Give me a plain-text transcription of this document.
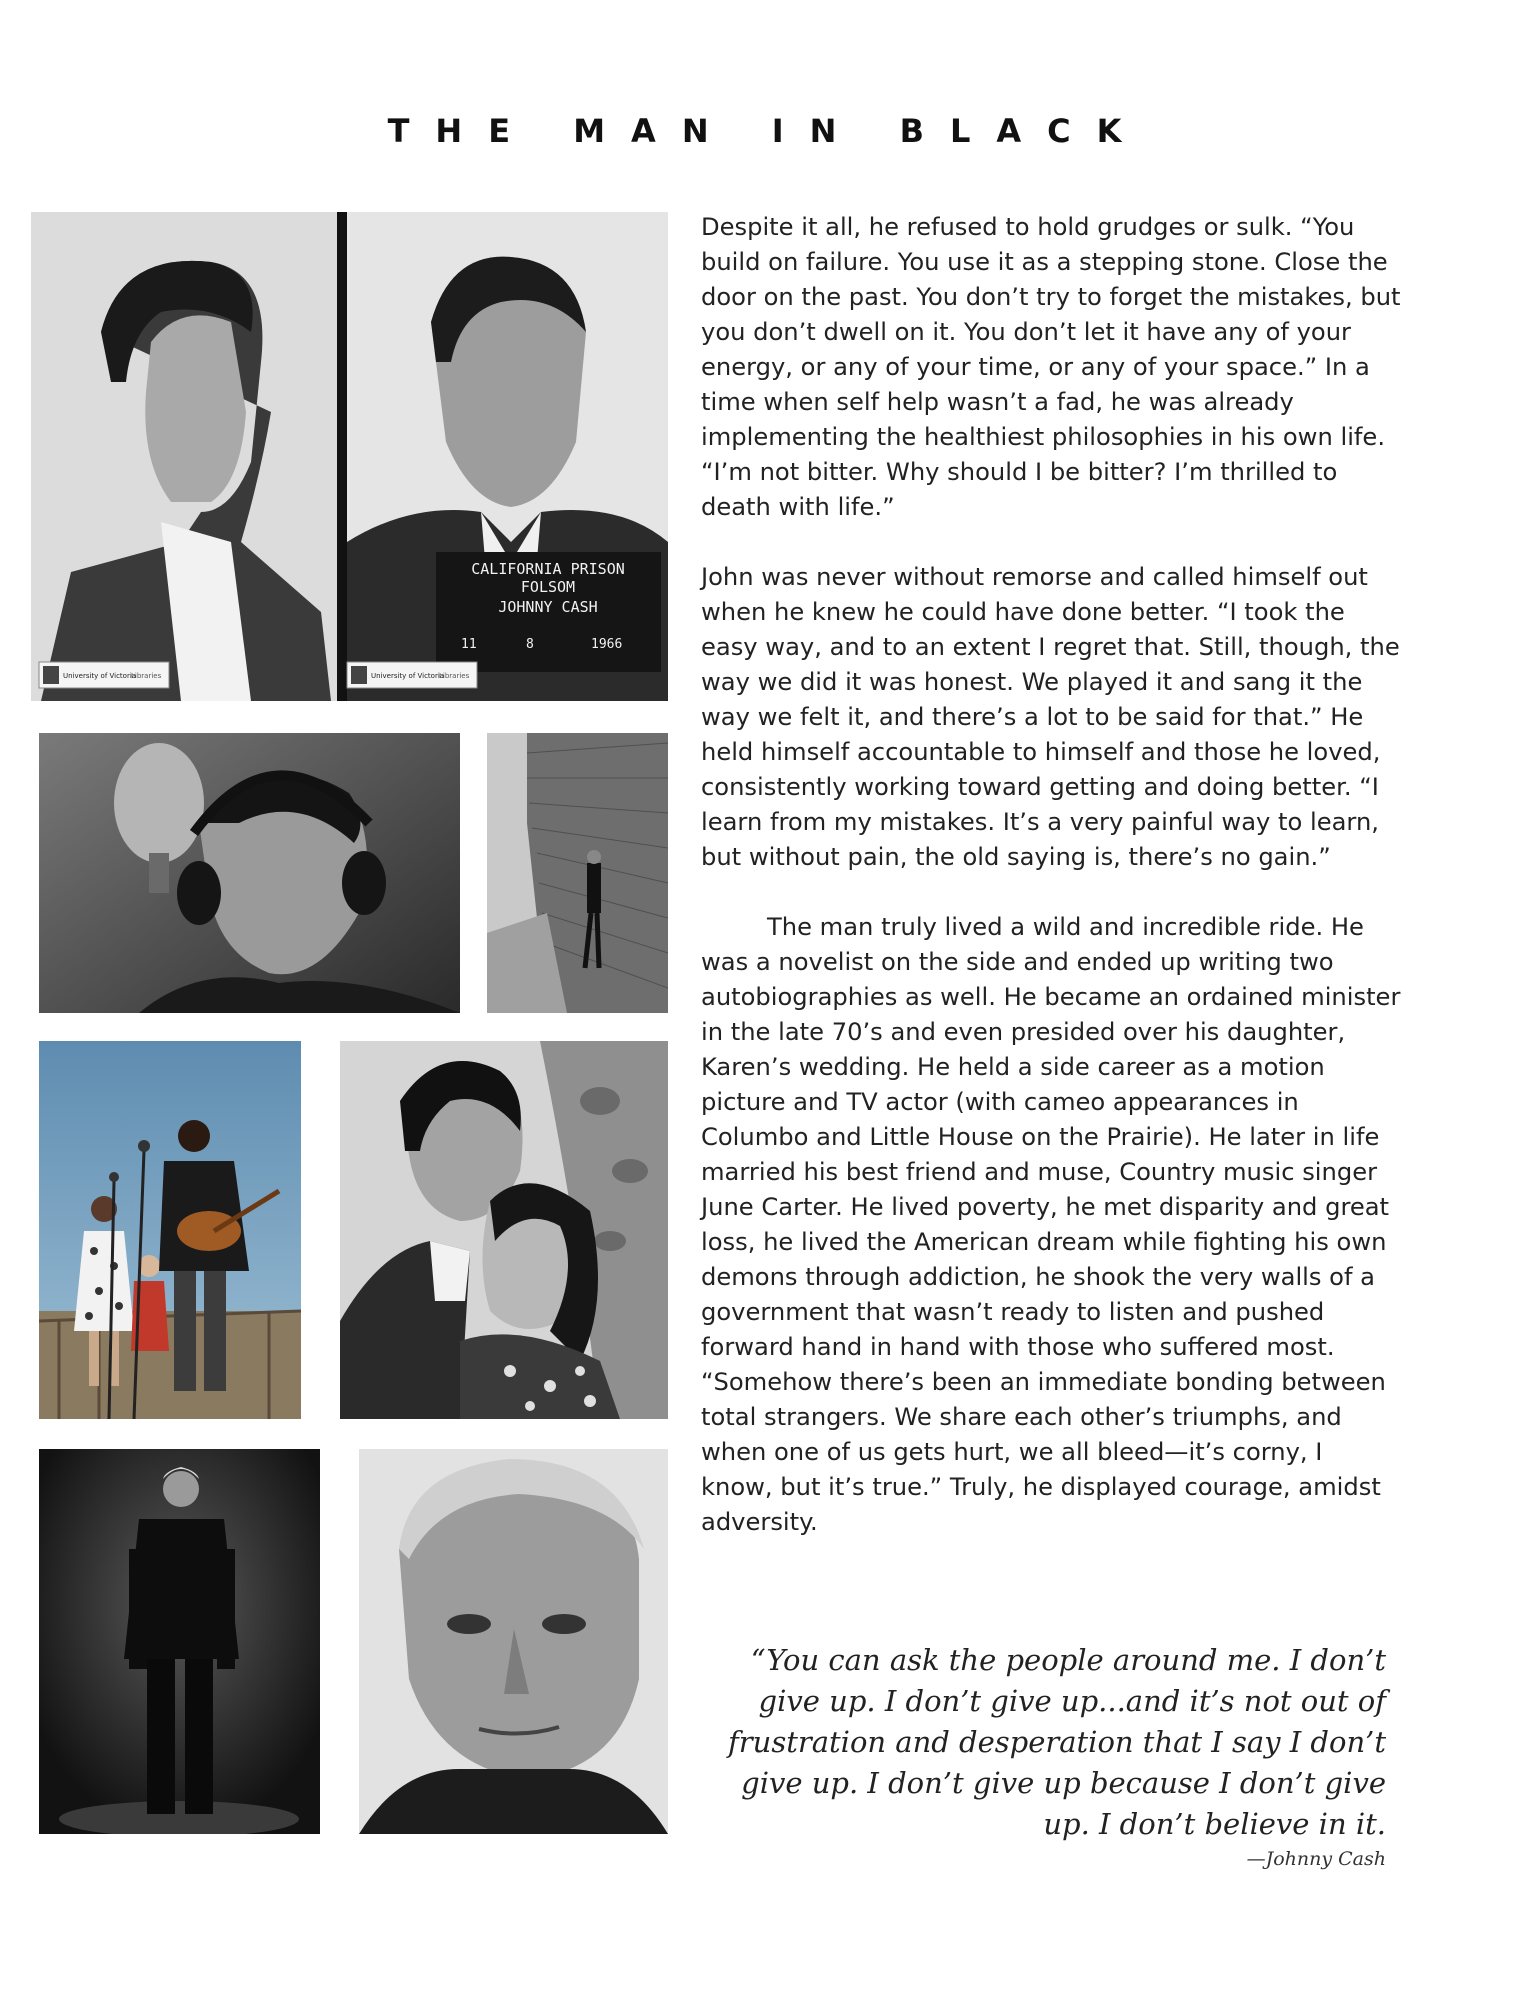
THE MAN IN BLACK
CALIFORNIA PRISON
FOLSOM
JOHNNY CASH
11	8	1966
University of Victoria
Libraries	University of Victoria
Libraries

Despite it all, he refused to hold grudges or sulk. “You build on failure. You use it as a stepping stone. Close the door on the past. You don’t try to forget the mistakes, but you don’t dwell on it. You don’t let it have any of your energy, or any of your time, or any of your space.” In a time when self help wasn’t a fad, he was already implementing the healthiest philosophies in his own life. “I’m not bitter. Why should I be bitter? I’m thrilled to death with life.”

John was never without remorse and called himself out when he knew he could have done better. “I took the easy way, and to an extent I regret that. Still, though, the way we did it was honest. We played it and sang it the way we felt it, and there’s a lot to be said for that.” He held himself accountable to himself and those he loved, consistently working toward getting and doing better. “I learn from my mistakes. It’s a very painful way to learn, but without pain, the old saying is, there’s no gain.”

The man truly lived a wild and incredible ride. He was a novelist on the side and ended up writing two autobiographies as well. He became an ordained minister in the late 70’s and even presided over his daughter, Karen’s wedding. He held a side career as a motion picture and TV actor (with cameo appearances in Columbo and Little House on the Prairie). He later in life married his best friend and muse, Country music singer June Carter. He lived poverty, he met disparity and great loss, he lived the American dream while fighting his own demons through addiction, he shook the very walls of a government that wasn’t ready to listen and pushed forward hand in hand with those who suffered most. “Somehow there’s been an immediate bonding between total strangers. We share each other’s triumphs, and when one of us gets hurt, we all bleed—it’s corny, I know, but it’s true.” Truly, he displayed courage, amidst adversity.

“You can ask the people around me. I don’t give up. I don’t give up...and it’s not out of frustration and desperation that I say I don’t give up. I don’t give up because I don’t give up. I don’t believe in it.
—Johnny Cash
